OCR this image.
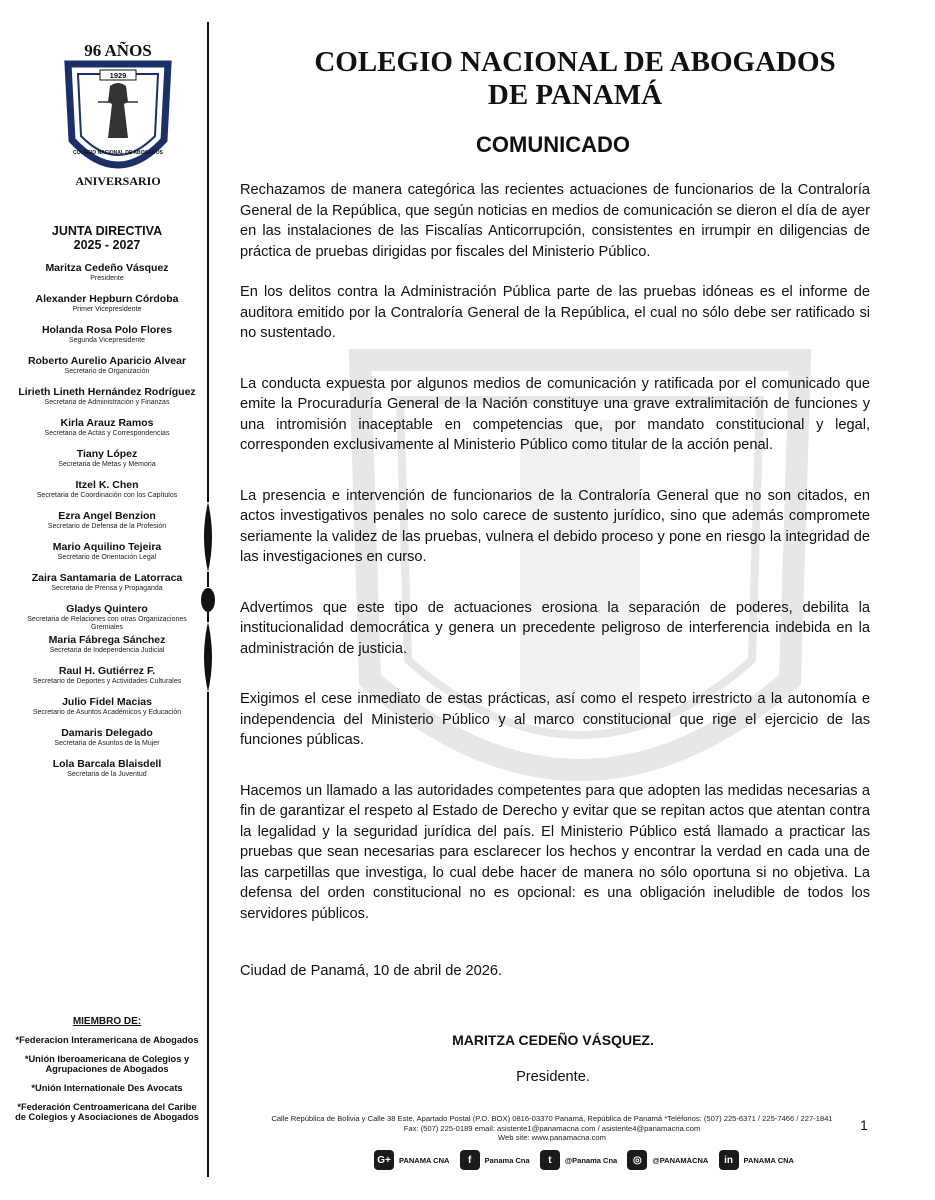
96 AÑOS
1929
COLEGIO NACIONAL DE ABOGADOS
ANIVERSARIO
JUNTA DIRECTIVA
2025 - 2027
Maritza Cedeño Vásquez
Presidente
Alexander Hepburn Córdoba
Primer Vicepresidente
Holanda Rosa Polo Flores
Segunda Vicepresidente
Roberto Aurelio Aparicio Alvear
Secretario de Organización
Lirieth Lineth Hernández Rodríguez
Secretaria de Administración y Finanzas
Kirla Arauz Ramos
Secretaria de Actas y Correspondencias
Tiany López
Secretaria de Metas y Memoria
Itzel K. Chen
Secretaria de Coordinación con los Capítulos
Ezra Angel Benzion
Secretario de Defensa de la Profesión
Mario Aquilino Tejeira
Secretario de Orientación Legal
Zaira Santamaria de Latorraca
Secretaria de Prensa y Propaganda
Gladys Quintero
Secretaria de Relaciones con otras Organizaciones Gremiales
Maria Fábrega Sánchez
Secretaria de Independencia Judicial
Raul H. Gutiérrez F.
Secretario de Deportes y Actividades Culturales
Julio Fidel Macias
Secretario de Asuntos Académicos y Educación
Damaris Delegado
Secretaria de Asuntos de la Mujer
Lola Barcala Blaisdell
Secretaria de la Juventud
MIEMBRO DE:
*Federacion Interamericana de Abogados
*Unión Iberoamericana de Colegios y Agrupaciones de Abogados
*Unión Internationale Des Avocats
*Federación Centroamericana del Caribe de Colegios y Asociaciones de Abogados
COLEGIO NACIONAL DE ABOGADOS
DE PANAMÁ
COMUNICADO

Rechazamos de manera categórica las recientes actuaciones de funcionarios de la Contraloría General de la República, que según noticias en medios de comunicación se dieron el día de ayer en las instalaciones de las Fiscalías Anticorrupción, consistentes en irrumpir en diligencias de práctica de pruebas dirigidas por fiscales del Ministerio Público.

En los delitos contra la Administración Pública parte de las pruebas idóneas es el informe de auditora emitido por la Contraloría General de la República, el cual no sólo debe ser ratificado si no sustentado.

La conducta expuesta por algunos medios de comunicación y ratificada por el comunicado que emite la Procuraduría General de la Nación constituye una grave extralimitación de funciones y una intromisión inaceptable en competencias que, por mandato constitucional y legal, corresponden exclusivamente al Ministerio Público como titular de la acción penal.

La presencia e intervención de funcionarios de la Contraloría General que no son citados, en actos investigativos penales no solo carece de sustento jurídico, sino que además compromete seriamente la validez de las pruebas, vulnera el debido proceso y pone en riesgo la integridad de las investigaciones en curso.

Advertimos que este tipo de actuaciones erosiona la separación de poderes, debilita la institucionalidad democrática y genera un precedente peligroso de interferencia indebida en la administración de justicia.

Exigimos el cese inmediato de estas prácticas, así como el respeto irrestricto a la autonomía e independencia del Ministerio Público y al marco constitucional que rige el ejercicio de las funciones públicas.

Hacemos un llamado a las autoridades competentes para que adopten las medidas necesarias a fin de garantizar el respeto al Estado de Derecho y evitar que se repitan actos que atentan contra la legalidad y la seguridad jurídica del país. El Ministerio Público está llamado a practicar las pruebas que sean necesarias para esclarecer los hechos y encontrar la verdad en cada una de las carpetillas que investiga, lo cual debe hacer de manera no sólo oportuna si no objetiva. La defensa del orden constitucional no es opcional: es una obligación ineludible de todos los servidores públicos.

Ciudad de Panamá, 10 de abril de 2026.
MARITZA CEDEÑO VÁSQUEZ.
Presidente.
Calle República de Bolivia y Calle 38 Este, Apartado Postal (P.O. BOX) 0816-03370 Panamá, República de Panamá *Teléfonos: (507) 225-6371 / 225-7466 / 227-1841
Fax: (507) 225-0189 email: asistente1@panamacna.com / asistente4@panamacna.com
Web site: www.panamacna.com
1
G+	PANAMA CNA	f	Panama Cna	t	@Panama Cna	◎	@PANAMACNA	in	PANAMA CNA
